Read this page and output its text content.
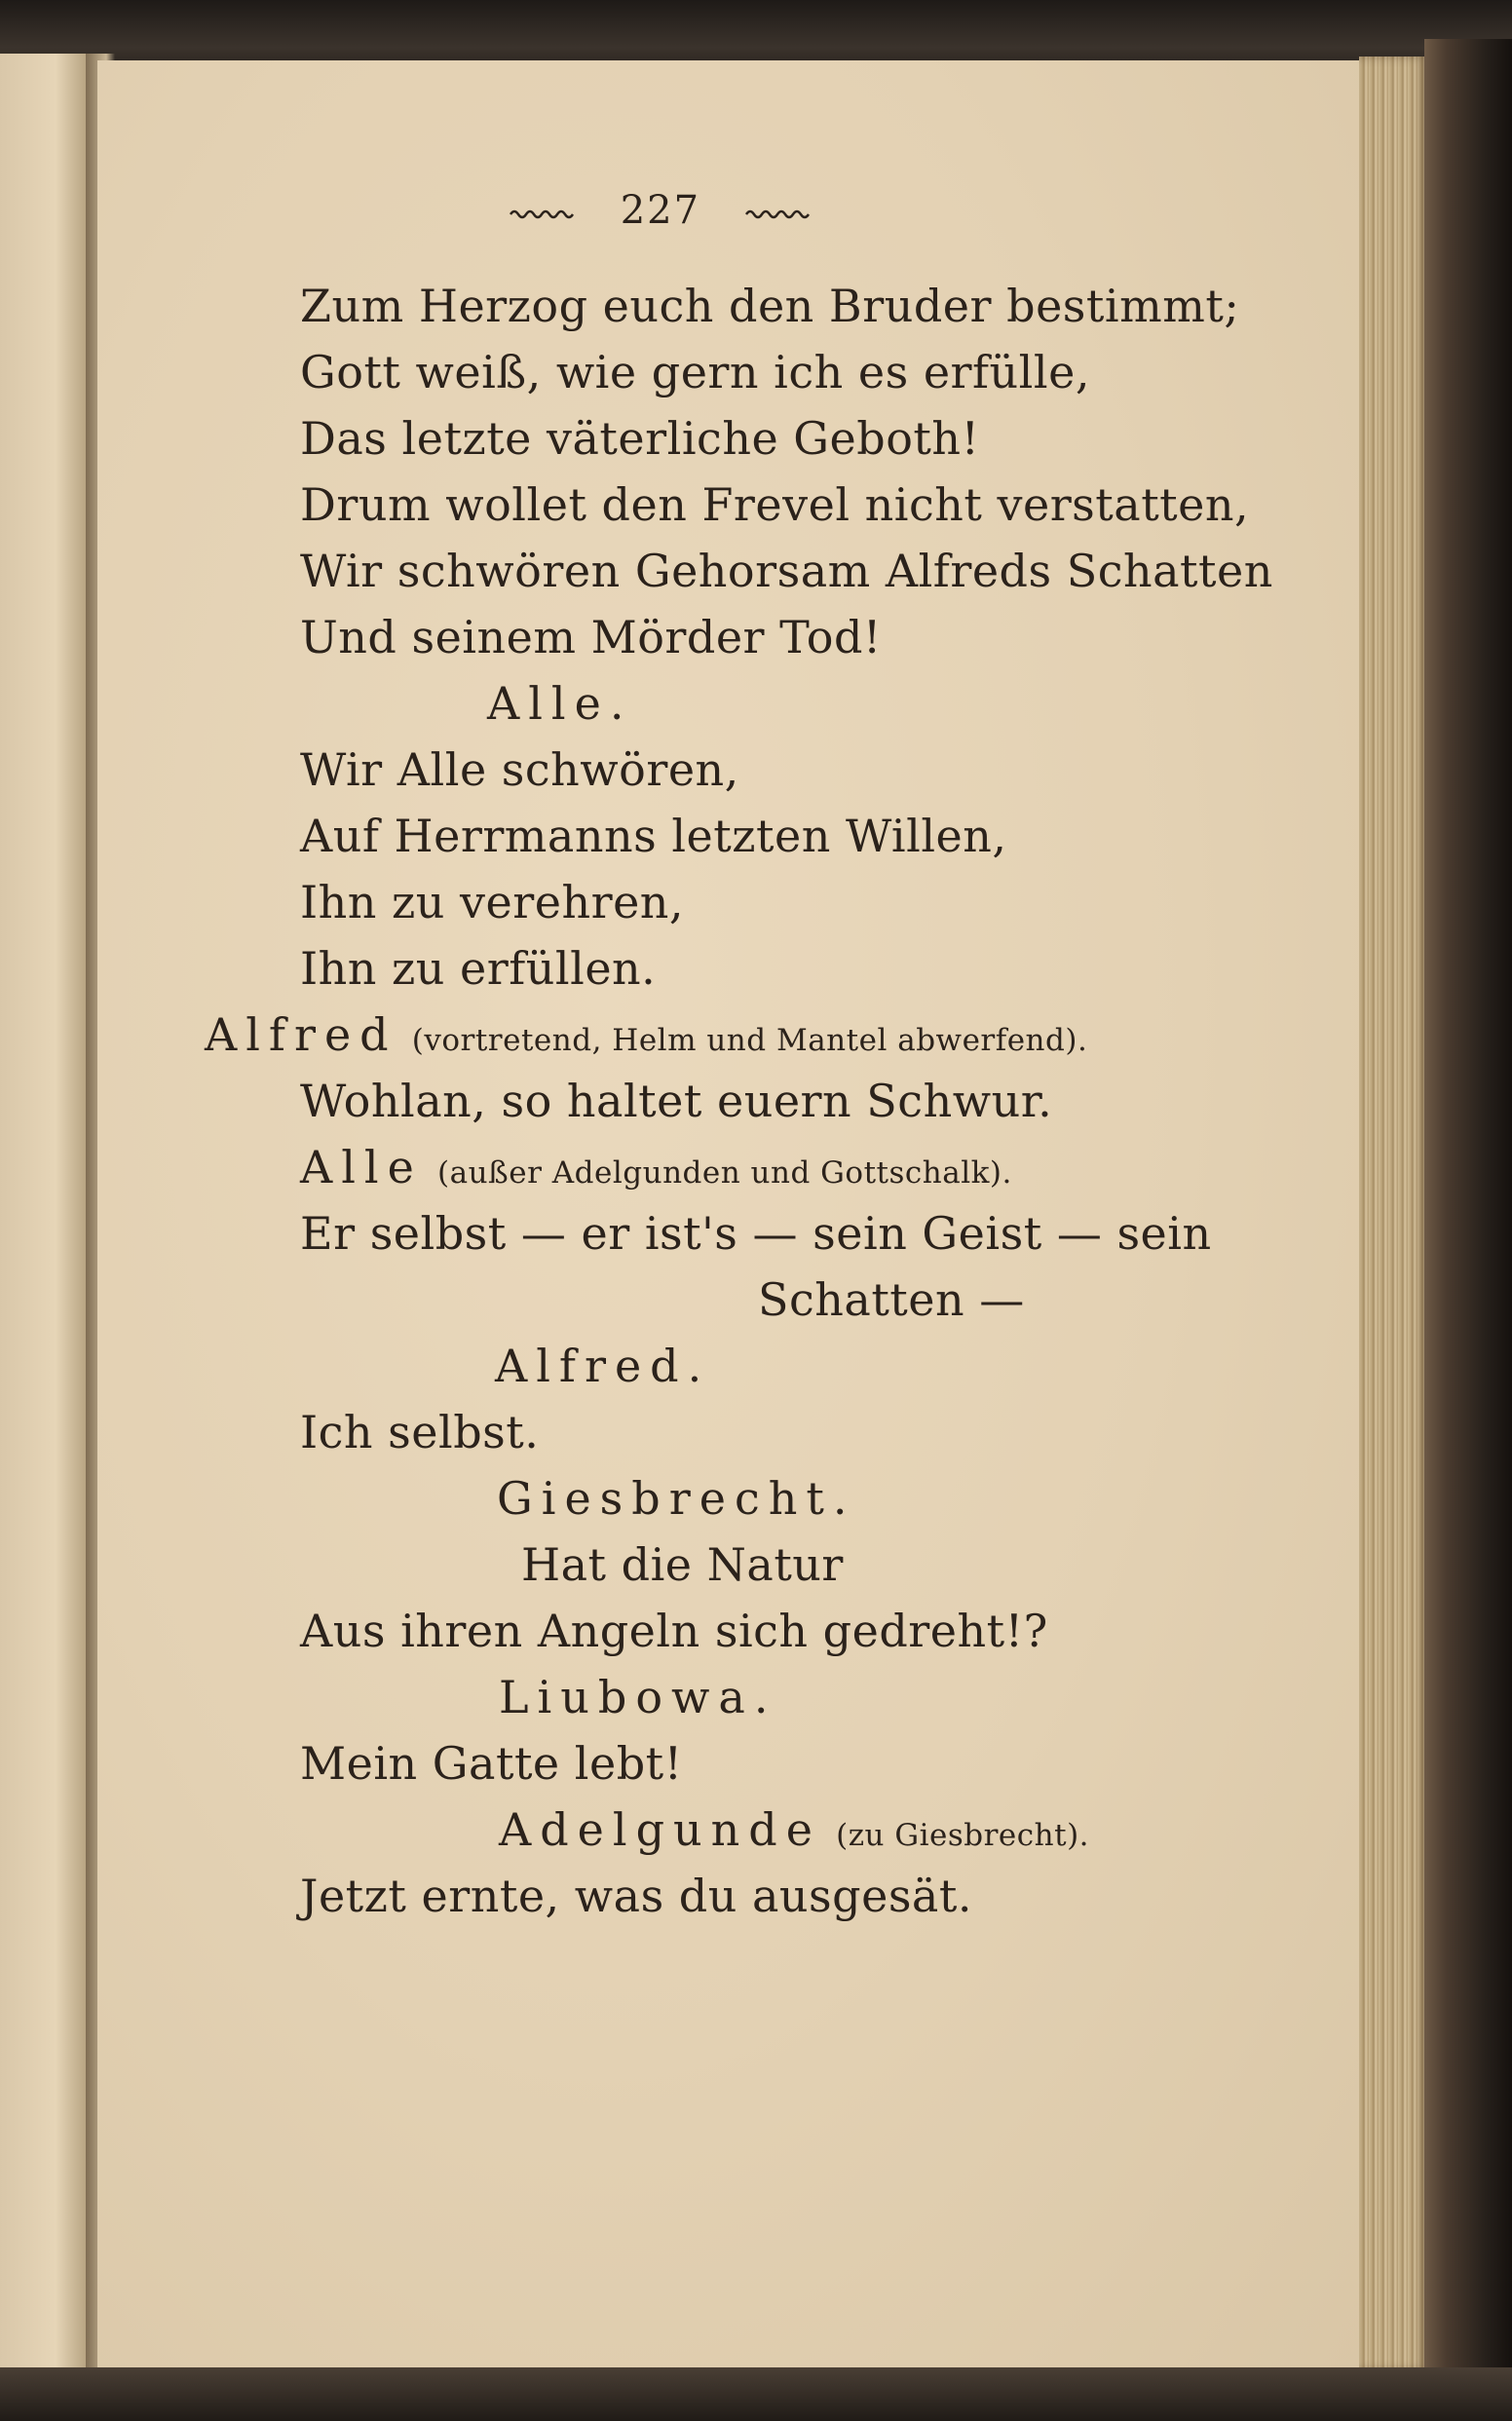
227
Zum Herzog euch den Bruder bestimmt;
Gott weiß, wie gern ich es erfülle,
Das letzte väterliche Geboth!
Drum wollet den Frevel nicht verstatten,
Wir schwören Gehorsam Alfreds Schatten
Und seinem Mörder Tod!
Alle.
Wir Alle schwören,
Auf Herrmanns letzten Willen,
Ihn zu verehren,
Ihn zu erfüllen.
Alfred (vortretend, Helm und Mantel abwerfend).
Wohlan, so haltet euern Schwur.
Alle (außer Adelgunden und Gottschalk).
Er selbst — er ist's — sein Geist — sein
Schatten —
Alfred.
Ich selbst.
Giesbrecht.
Hat die Natur
Aus ihren Angeln sich gedreht!?
Liubowa.
Mein Gatte lebt!
Adelgunde (zu Giesbrecht).
Jetzt ernte, was du ausgesät.
